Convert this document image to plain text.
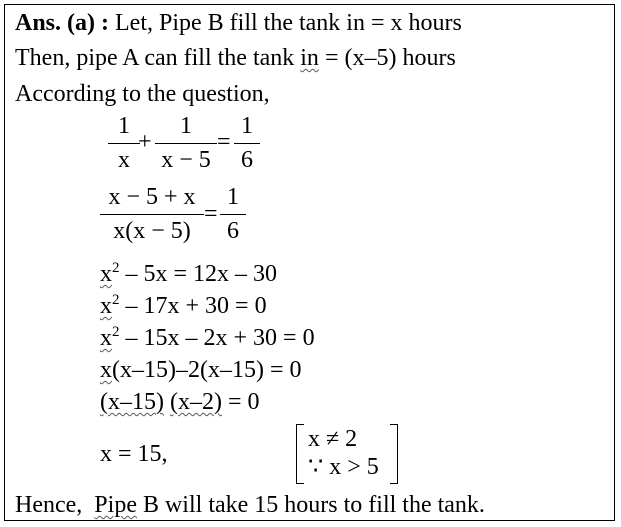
Ans. (a) : Let, Pipe B fill the tank in = x hours
Then, pipe A can fill the tank in = (x–5) hours
According to the question,
1
x
+
1
x − 5
=
1
6
x − 5 + x
x(x − 5)
=
1
6
$x^2 - 5x = 12x - 30$
$x^2 - 17x + 30 = 0$
$x^2 - 15x - 2x + 30 = 0$
x(x–15)–2(x–15) = 0
(x–15) (x–2) = 0
x = 15,
x ≠ 2
∵ x > 5
Hence, Pipe B will take 15 hours to fill the tank.
